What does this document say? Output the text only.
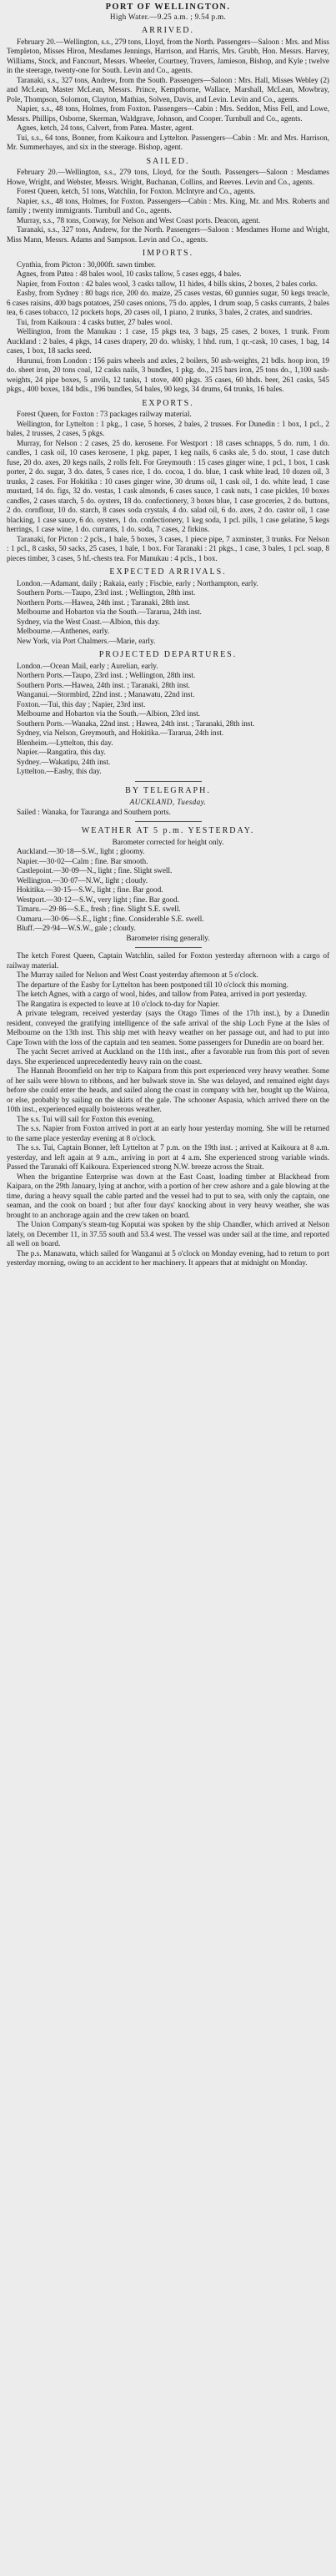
PORT OF WELLINGTON.
High Water.—9.25 a.m. ; 9.54 p.m.
ARRIVED.

February 20.—Wellington, s.s., 279 tons, Lloyd, from the North. Passengers—Saloon : Mrs. and Miss Templeton, Misses Hiron, Mesdames Jennings, Harrison, and Harris, Mrs. Grubb, Hon. Messrs. Harvey, Williams, Stock, and Fancourt, Messrs. Wheeler, Courtney, Travers, Jamieson, Bishop, and Kyle ; twelve in the steerage, twenty-one for South. Levin and Co., agents.

Taranaki, s.s., 327 tons, Andrew, from the South. Passengers—Saloon : Mrs. Hall, Misses Webley (2) and McLean, Master McLean, Messrs. Prince, Kempthorne, Wallace, Marshall, McLean, Mowbray, Pole, Thompson, Solomon, Clayton, Mathias, Solven, Davis, and Levin. Levin and Co., agents.

Napier, s.s., 48 tons, Holmes, from Foxton. Passengers—Cabin : Mrs. Seddon, Miss Fell, and Lowe, Messrs. Phillips, Osborne, Skerman, Waldgrave, Johnson, and Cooper. Turnbull and Co., agents.

Agnes, ketch, 24 tons, Calvert, from Patea. Master, agent.

Tui, s.s., 64 tons, Bonner, from Kaikoura and Lyttelton. Passengers—Cabin : Mr. and Mrs. Harrison, Mr. Summerhayes, and six in the steerage. Bishop, agent.

SAILED.

February 20.—Wellington, s.s., 279 tons, Lloyd, for the South. Passengers—Saloon : Mesdames Howe, Wright, and Webster, Messrs. Wright, Buchanan, Collins, and Reeves. Levin and Co., agents.

Forest Queen, ketch, 51 tons, Watchlin, for Foxton. McIntyre and Co., agents.

Napier, s.s., 48 tons, Holmes, for Foxton. Passengers—Cabin : Mrs. King, Mr. and Mrs. Roberts and family ; twenty immigrants. Turnbull and Co., agents.

Murray, s.s., 78 tons, Conway, for Nelson and West Coast ports. Deacon, agent.

Taranaki, s.s., 327 tons, Andrew, for the North. Passengers—Saloon : Mesdames Horne and Wright, Miss Mann, Messrs. Adams and Sampson. Levin and Co., agents.

IMPORTS.

Cynthia, from Picton : 30,000ft. sawn timber.

Agnes, from Patea : 48 bales wool, 10 casks tallow, 5 cases eggs, 4 bales.

Napier, from Foxton : 42 bales wool, 3 casks tallow, 11 hides, 4 bills skins, 2 boxes, 2 bales corks.

Easby, from Sydney : 80 bags rice, 200 do. maize, 25 cases vestas, 60 gunnies sugar, 50 kegs treacle, 6 cases raisins, 400 bags potatoes, 250 cases onions, 75 do. apples, 1 drum soap, 5 casks currants, 2 bales tea, 6 cases tobacco, 12 pockets hops, 20 cases oil, 1 piano, 2 trunks, 3 bales, 2 crates, and sundries.

Tui, from Kaikoura : 4 casks butter, 27 bales wool.

Wellington, from the Manukau : 1 case, 15 pkgs tea, 3 bags, 25 cases, 2 boxes, 1 trunk. From Auckland : 2 bales, 4 pkgs, 14 cases drapery, 20 do. whisky, 1 hhd. rum, 1 qr.-cask, 10 cases, 1 bag, 14 cases, 1 box, 18 sacks seed.

Hurunui, from London : 156 pairs wheels and axles, 2 boilers, 50 ash-weights, 21 bdls. hoop iron, 19 do. sheet iron, 20 tons coal, 12 casks nails, 3 bundles, 1 pkg. do., 215 bars iron, 25 tons do., 1,100 sash-weights, 24 pipe boxes, 5 anvils, 12 tanks, 1 stove, 400 pkgs. 35 cases, 60 hhds. beer, 261 casks, 545 pkgs., 400 boxes, 184 bdls., 196 bundles, 54 bales, 90 kegs, 34 drums, 64 trunks, 16 bales.

EXPORTS.

Forest Queen, for Foxton : 73 packages railway material.

Wellington, for Lyttelton : 1 pkg., 1 case, 5 horses, 2 bales, 2 trusses. For Dunedin : 1 box, 1 pcl., 2 bales, 2 trusses, 2 cases, 5 pkgs.

Murray, for Nelson : 2 cases, 25 do. kerosene. For Westport : 18 cases schnapps, 5 do. rum, 1 do. candles, 1 cask oil, 10 cases kerosene, 1 pkg. paper, 1 keg nails, 6 casks ale, 5 do. stout, 1 case dutch fuse, 20 do. axes, 20 kegs nails, 2 rolls felt. For Greymouth : 15 cases ginger wine, 1 pcl., 1 box, 1 cask porter, 2 do. sugar, 3 do. dates, 5 cases rice, 1 do. cocoa, 1 do. blue, 1 cask white lead, 10 dozen oil, 3 trunks, 2 cases. For Hokitika : 10 cases ginger wine, 30 drums oil, 1 cask oil, 1 do. white lead, 1 case mustard, 14 do. figs, 32 do. vestas, 1 cask almonds, 6 cases sauce, 1 cask nuts, 1 case pickles, 10 boxes candles, 2 cases starch, 5 do. oysters, 18 do. confectionery, 3 boxes blue, 1 case groceries, 2 do. buttons, 2 do. cornflour, 10 do. starch, 8 cases soda crystals, 4 do. salad oil, 6 do. axes, 2 do. castor oil, 1 case blacking, 1 case sauce, 6 do. oysters, 1 do. confectionery, 1 keg soda, 1 pcl. pills, 1 case gelatine, 5 kegs herrings, 1 case wine, 1 do. currants, 1 do. soda, 7 cases, 2 firkins.

Taranaki, for Picton : 2 pcls., 1 bale, 5 boxes, 3 cases, 1 piece pipe, 7 axminster, 3 trunks. For Nelson : 1 pcl., 8 casks, 50 sacks, 25 cases, 1 bale, 1 box. For Taranaki : 21 pkgs., 1 case, 3 bales, 1 pcl. soap, 8 pieces timber, 3 cases, 5 hf.-chests tea. For Manukau : 4 pcls., 1 box.

EXPECTED ARRIVALS.

London.—Adamant, daily ; Rakaia, early ; Fiscbie, early ; Northampton, early.

Southern Ports.—Taupo, 23rd inst. ; Wellington, 28th inst.

Northern Ports.—Hawea, 24th inst. ; Taranaki, 28th inst.

Melbourne and Hobarton via the South.—Tararua, 24th inst.

Sydney, via the West Coast.—Albion, this day.

Melbourne.—Anthenes, early.

New York, via Port Chalmers.—Marie, early.

PROJECTED DEPARTURES.

London.—Ocean Mail, early ; Aurelian, early.

Northern Ports.—Taupo, 23rd inst. ; Wellington, 28th inst.

Southern Ports.—Hawea, 24th inst. ; Taranaki, 28th inst.

Wanganui.—Stormbird, 22nd inst. ; Manawatu, 22nd inst.

Foxton.—Tui, this day ; Napier, 23rd inst.

Melbourne and Hobarton via the South.—Albion, 23rd inst.

Southern Ports.—Wanaka, 22nd inst. ; Hawea, 24th inst. ; Taranaki, 28th inst.

Sydney, via Nelson, Greymouth, and Hokitika.—Tararua, 24th inst.

Blenheim.—Lyttelton, this day.

Napier.—Rangatira, this day.

Sydney.—Wakatipu, 24th inst.

Lyttelton.—Easby, this day.

BY TELEGRAPH.
AUCKLAND, Tuesday.

Sailed : Wanaka, for Tauranga and Southern ports.

WEATHER AT 5 p.m. YESTERDAY.

Barometer corrected for height only.

Auckland.—30·18—S.W., light ; gloomy.

Napier.—30·02—Calm ; fine. Bar smooth.

Castlepoint.—30·09—N., light ; fine. Slight swell.

Wellington.—30·07—N.W., light ; cloudy.

Hokitika.—30·15—S.W., light ; fine. Bar good.

Westport.—30·12—S.W., very light ; fine. Bar good.

Timaru.—29·86—S.E., fresh ; fine. Slight S.E. swell.

Oamaru.—30·06—S.E., light ; fine. Considerable S.E. swell.

Bluff.—29·94—W.S.W., gale ; cloudy.

Barometer rising generally.

The ketch Forest Queen, Captain Watchlin, sailed for Foxton yesterday afternoon with a cargo of railway material.

The Murray sailed for Nelson and West Coast yesterday afternoon at 5 o'clock.

The departure of the Easby for Lyttelton has been postponed till 10 o'clock this morning.

The ketch Agnes, with a cargo of wool, hides, and tallow from Patea, arrived in port yesterday.

The Rangatira is expected to leave at 10 o'clock to-day for Napier.

A private telegram, received yesterday (says the Otago Times of the 17th inst.), by a Dunedin resident, conveyed the gratifying intelligence of the safe arrival of the ship Loch Fyne at the Isles of Melbourne on the 13th inst. This ship met with heavy weather on her passage out, and had to put into Cape Town with the loss of the captain and ten seamen. Some passengers for Dunedin are on board her.

The yacht Secret arrived at Auckland on the 11th inst., after a favorable run from this port of seven days. She experienced unprecedentedly heavy rain on the coast.

The Hannah Broomfield on her trip to Kaipara from this port experienced very heavy weather. Some of her sails were blown to ribbons, and her bulwark stove in. She was delayed, and remained eight days before she could enter the heads, and sailed along the coast in company with her, bought up the Wairoa, or else, probably by sailing on the skirts of the gale. The schooner Aspasia, which arrived there on the 10th inst., experienced equally boisterous weather.

The s.s. Tui will sail for Foxton this evening.

The s.s. Napier from Foxton arrived in port at an early hour yesterday morning. She will be returned to the same place yesterday evening at 8 o'clock.

The s.s. Tui, Captain Bonner, left Lyttelton at 7 p.m. on the 19th inst. ; arrived at Kaikoura at 8 a.m. yesterday, and left again at 9 a.m., arriving in port at 4 a.m. She experienced strong variable winds. Passed the Taranaki off Kaikoura. Experienced strong N.W. breeze across the Strait.

When the brigantine Enterprise was down at the East Coast, loading timber at Blackhead from Kaipara, on the 29th January, lying at anchor, with a portion of her crew ashore and a gale blowing at the time, during a heavy squall the cable parted and the vessel had to put to sea, with only the captain, one seaman, and the cook on board ; but after four days' knocking about in very heavy weather, she was brought to an anchorage again and the crew taken on board.

The Union Company's steam-tug Koputai was spoken by the ship Chandler, which arrived at Nelson lately, on December 11, in 37.55 south and 53.4 west. The vessel was under sail at the time, and reported all well on board.

The p.s. Manawatu, which sailed for Wanganui at 5 o'clock on Monday evening, had to return to port yesterday morning, owing to an accident to her machinery. It appears that at midnight on Monday.
